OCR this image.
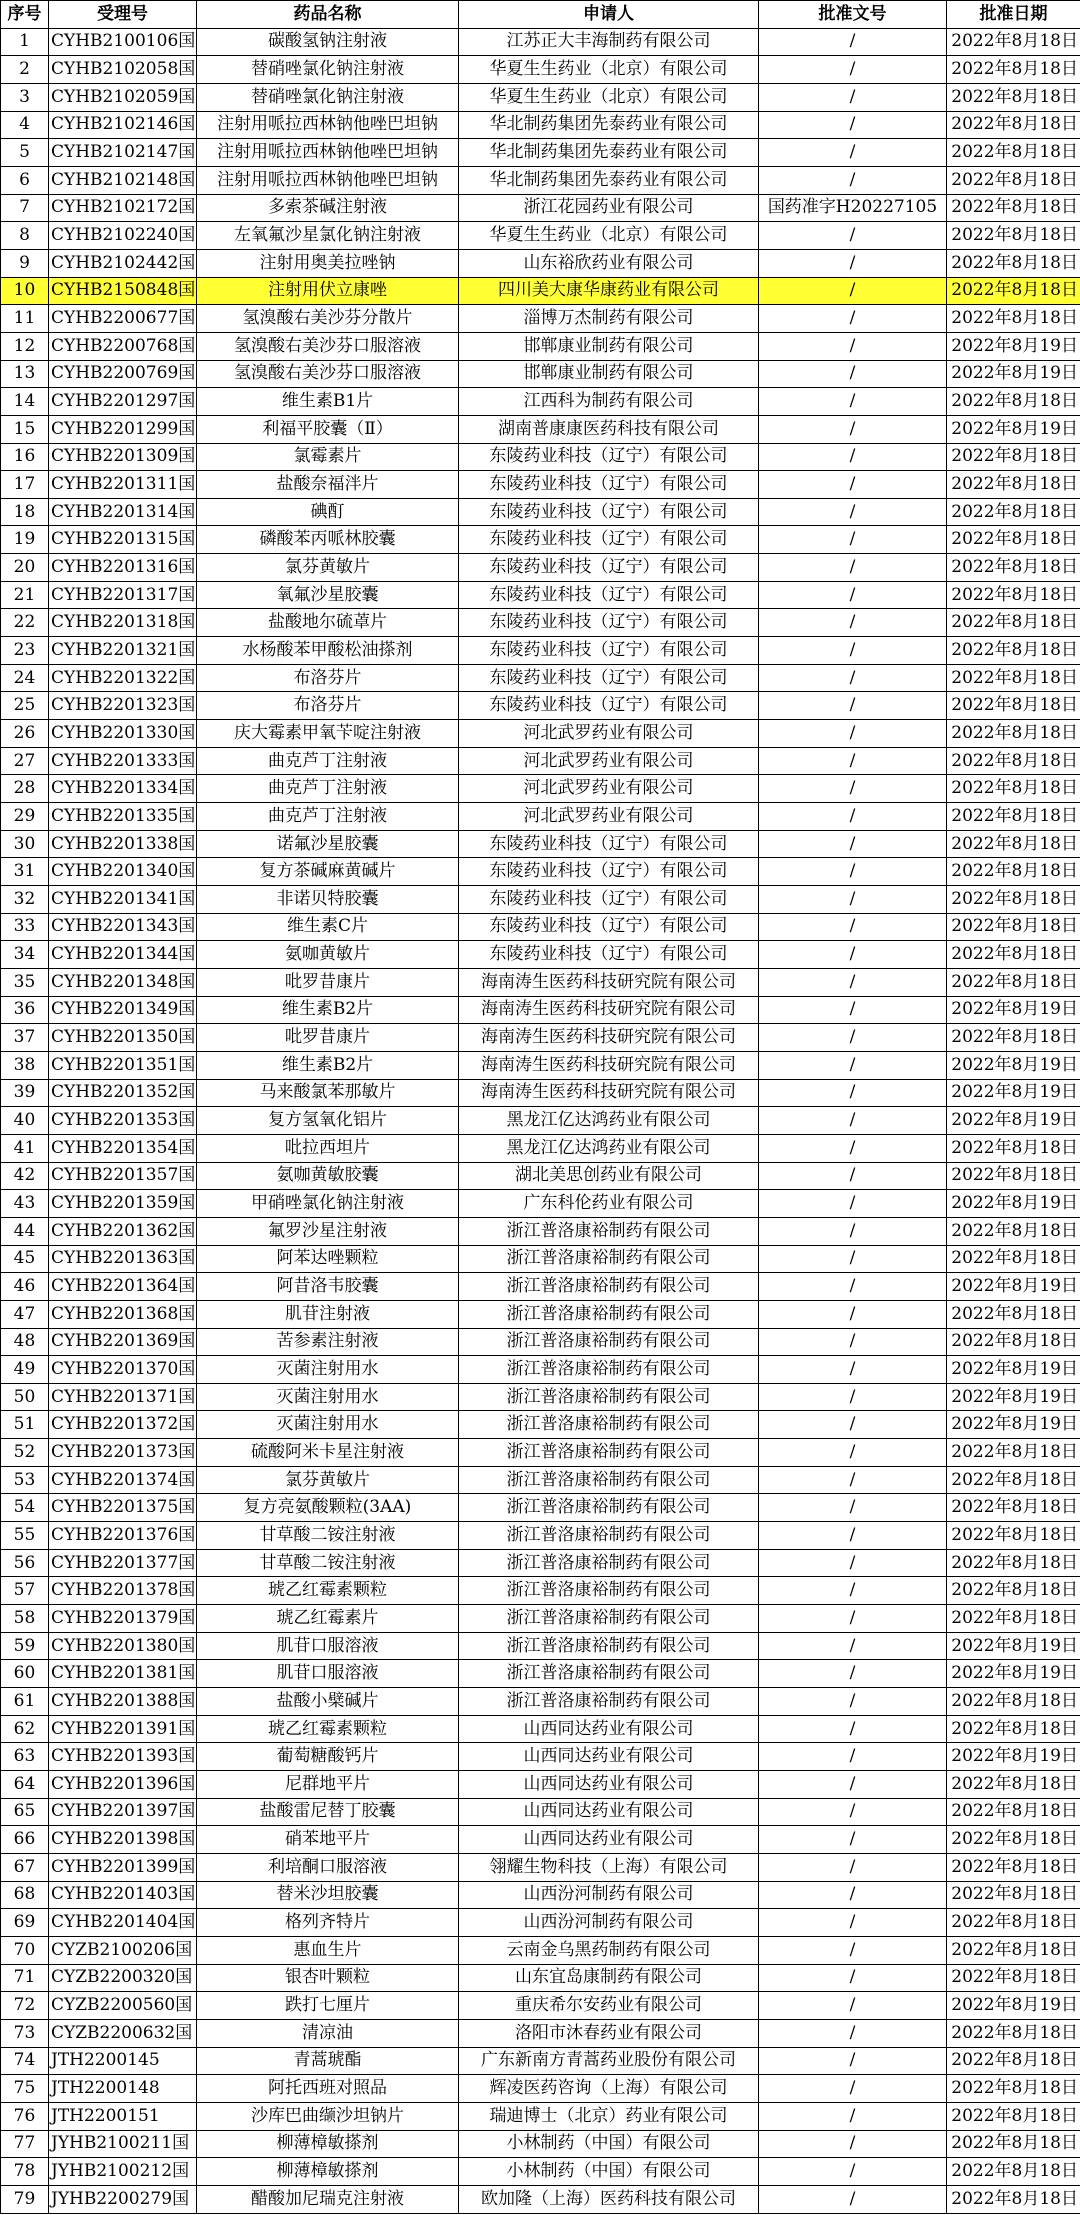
序号	受理号	药品名称	申请人	批准文号	批准日期
1	CYHB2100106国	碳酸氢钠注射液	江苏正大丰海制药有限公司	/	2022年8月18日
2	CYHB2102058国	替硝唑氯化钠注射液	华夏生生药业（北京）有限公司	/	2022年8月18日
3	CYHB2102059国	替硝唑氯化钠注射液	华夏生生药业（北京）有限公司	/	2022年8月18日
4	CYHB2102146国	注射用哌拉西林钠他唑巴坦钠	华北制药集团先泰药业有限公司	/	2022年8月18日
5	CYHB2102147国	注射用哌拉西林钠他唑巴坦钠	华北制药集团先泰药业有限公司	/	2022年8月18日
6	CYHB2102148国	注射用哌拉西林钠他唑巴坦钠	华北制药集团先泰药业有限公司	/	2022年8月18日
7	CYHB2102172国	多索茶碱注射液	浙江花园药业有限公司	国药准字H20227105	2022年8月18日
8	CYHB2102240国	左氧氟沙星氯化钠注射液	华夏生生药业（北京）有限公司	/	2022年8月18日
9	CYHB2102442国	注射用奥美拉唑钠	山东裕欣药业有限公司	/	2022年8月18日
10	CYHB2150848国	注射用伏立康唑	四川美大康华康药业有限公司	/	2022年8月18日
11	CYHB2200677国	氢溴酸右美沙芬分散片	淄博万杰制药有限公司	/	2022年8月18日
12	CYHB2200768国	氢溴酸右美沙芬口服溶液	邯郸康业制药有限公司	/	2022年8月19日
13	CYHB2200769国	氢溴酸右美沙芬口服溶液	邯郸康业制药有限公司	/	2022年8月19日
14	CYHB2201297国	维生素B1片	江西科为制药有限公司	/	2022年8月18日
15	CYHB2201299国	利福平胶囊（Ⅱ）	湖南普康康医药科技有限公司	/	2022年8月19日
16	CYHB2201309国	氯霉素片	东陵药业科技（辽宁）有限公司	/	2022年8月18日
17	CYHB2201311国	盐酸奈福泮片	东陵药业科技（辽宁）有限公司	/	2022年8月18日
18	CYHB2201314国	碘酊	东陵药业科技（辽宁）有限公司	/	2022年8月18日
19	CYHB2201315国	磷酸苯丙哌林胶囊	东陵药业科技（辽宁）有限公司	/	2022年8月18日
20	CYHB2201316国	氯芬黄敏片	东陵药业科技（辽宁）有限公司	/	2022年8月18日
21	CYHB2201317国	氧氟沙星胶囊	东陵药业科技（辽宁）有限公司	/	2022年8月18日
22	CYHB2201318国	盐酸地尔硫䓬片	东陵药业科技（辽宁）有限公司	/	2022年8月18日
23	CYHB2201321国	水杨酸苯甲酸松油搽剂	东陵药业科技（辽宁）有限公司	/	2022年8月18日
24	CYHB2201322国	布洛芬片	东陵药业科技（辽宁）有限公司	/	2022年8月18日
25	CYHB2201323国	布洛芬片	东陵药业科技（辽宁）有限公司	/	2022年8月18日
26	CYHB2201330国	庆大霉素甲氧苄啶注射液	河北武罗药业有限公司	/	2022年8月18日
27	CYHB2201333国	曲克芦丁注射液	河北武罗药业有限公司	/	2022年8月18日
28	CYHB2201334国	曲克芦丁注射液	河北武罗药业有限公司	/	2022年8月18日
29	CYHB2201335国	曲克芦丁注射液	河北武罗药业有限公司	/	2022年8月18日
30	CYHB2201338国	诺氟沙星胶囊	东陵药业科技（辽宁）有限公司	/	2022年8月18日
31	CYHB2201340国	复方茶碱麻黄碱片	东陵药业科技（辽宁）有限公司	/	2022年8月18日
32	CYHB2201341国	非诺贝特胶囊	东陵药业科技（辽宁）有限公司	/	2022年8月18日
33	CYHB2201343国	维生素C片	东陵药业科技（辽宁）有限公司	/	2022年8月18日
34	CYHB2201344国	氨咖黄敏片	东陵药业科技（辽宁）有限公司	/	2022年8月18日
35	CYHB2201348国	吡罗昔康片	海南涛生医药科技研究院有限公司	/	2022年8月18日
36	CYHB2201349国	维生素B2片	海南涛生医药科技研究院有限公司	/	2022年8月19日
37	CYHB2201350国	吡罗昔康片	海南涛生医药科技研究院有限公司	/	2022年8月18日
38	CYHB2201351国	维生素B2片	海南涛生医药科技研究院有限公司	/	2022年8月19日
39	CYHB2201352国	马来酸氯苯那敏片	海南涛生医药科技研究院有限公司	/	2022年8月19日
40	CYHB2201353国	复方氢氧化铝片	黑龙江亿达鸿药业有限公司	/	2022年8月19日
41	CYHB2201354国	吡拉西坦片	黑龙江亿达鸿药业有限公司	/	2022年8月18日
42	CYHB2201357国	氨咖黄敏胶囊	湖北美思创药业有限公司	/	2022年8月18日
43	CYHB2201359国	甲硝唑氯化钠注射液	广东科伦药业有限公司	/	2022年8月19日
44	CYHB2201362国	氟罗沙星注射液	浙江普洛康裕制药有限公司	/	2022年8月18日
45	CYHB2201363国	阿苯达唑颗粒	浙江普洛康裕制药有限公司	/	2022年8月18日
46	CYHB2201364国	阿昔洛韦胶囊	浙江普洛康裕制药有限公司	/	2022年8月19日
47	CYHB2201368国	肌苷注射液	浙江普洛康裕制药有限公司	/	2022年8月18日
48	CYHB2201369国	苦参素注射液	浙江普洛康裕制药有限公司	/	2022年8月18日
49	CYHB2201370国	灭菌注射用水	浙江普洛康裕制药有限公司	/	2022年8月19日
50	CYHB2201371国	灭菌注射用水	浙江普洛康裕制药有限公司	/	2022年8月19日
51	CYHB2201372国	灭菌注射用水	浙江普洛康裕制药有限公司	/	2022年8月19日
52	CYHB2201373国	硫酸阿米卡星注射液	浙江普洛康裕制药有限公司	/	2022年8月18日
53	CYHB2201374国	氯芬黄敏片	浙江普洛康裕制药有限公司	/	2022年8月18日
54	CYHB2201375国	复方亮氨酸颗粒(3AA)	浙江普洛康裕制药有限公司	/	2022年8月18日
55	CYHB2201376国	甘草酸二铵注射液	浙江普洛康裕制药有限公司	/	2022年8月18日
56	CYHB2201377国	甘草酸二铵注射液	浙江普洛康裕制药有限公司	/	2022年8月18日
57	CYHB2201378国	琥乙红霉素颗粒	浙江普洛康裕制药有限公司	/	2022年8月18日
58	CYHB2201379国	琥乙红霉素片	浙江普洛康裕制药有限公司	/	2022年8月18日
59	CYHB2201380国	肌苷口服溶液	浙江普洛康裕制药有限公司	/	2022年8月19日
60	CYHB2201381国	肌苷口服溶液	浙江普洛康裕制药有限公司	/	2022年8月19日
61	CYHB2201388国	盐酸小檗碱片	浙江普洛康裕制药有限公司	/	2022年8月18日
62	CYHB2201391国	琥乙红霉素颗粒	山西同达药业有限公司	/	2022年8月18日
63	CYHB2201393国	葡萄糖酸钙片	山西同达药业有限公司	/	2022年8月19日
64	CYHB2201396国	尼群地平片	山西同达药业有限公司	/	2022年8月18日
65	CYHB2201397国	盐酸雷尼替丁胶囊	山西同达药业有限公司	/	2022年8月18日
66	CYHB2201398国	硝苯地平片	山西同达药业有限公司	/	2022年8月18日
67	CYHB2201399国	利培酮口服溶液	翎耀生物科技（上海）有限公司	/	2022年8月18日
68	CYHB2201403国	替米沙坦胶囊	山西汾河制药有限公司	/	2022年8月18日
69	CYHB2201404国	格列齐特片	山西汾河制药有限公司	/	2022年8月18日
70	CYZB2100206国	惠血生片	云南金乌黑药制药有限公司	/	2022年8月18日
71	CYZB2200320国	银杏叶颗粒	山东宜岛康制药有限公司	/	2022年8月18日
72	CYZB2200560国	跌打七厘片	重庆希尔安药业有限公司	/	2022年8月19日
73	CYZB2200632国	清凉油	洛阳市沐春药业有限公司	/	2022年8月18日
74	JTH2200145	青蒿琥酯	广东新南方青蒿药业股份有限公司	/	2022年8月18日
75	JTH2200148	阿托西班对照品	辉凌医药咨询（上海）有限公司	/	2022年8月18日
76	JTH2200151	沙库巴曲缬沙坦钠片	瑞迪博士（北京）药业有限公司	/	2022年8月18日
77	JYHB2100211国	柳薄樟敏搽剂	小林制药（中国）有限公司	/	2022年8月18日
78	JYHB2100212国	柳薄樟敏搽剂	小林制药（中国）有限公司	/	2022年8月18日
79	JYHB2200279国	醋酸加尼瑞克注射液	欧加隆（上海）医药科技有限公司	/	2022年8月18日
